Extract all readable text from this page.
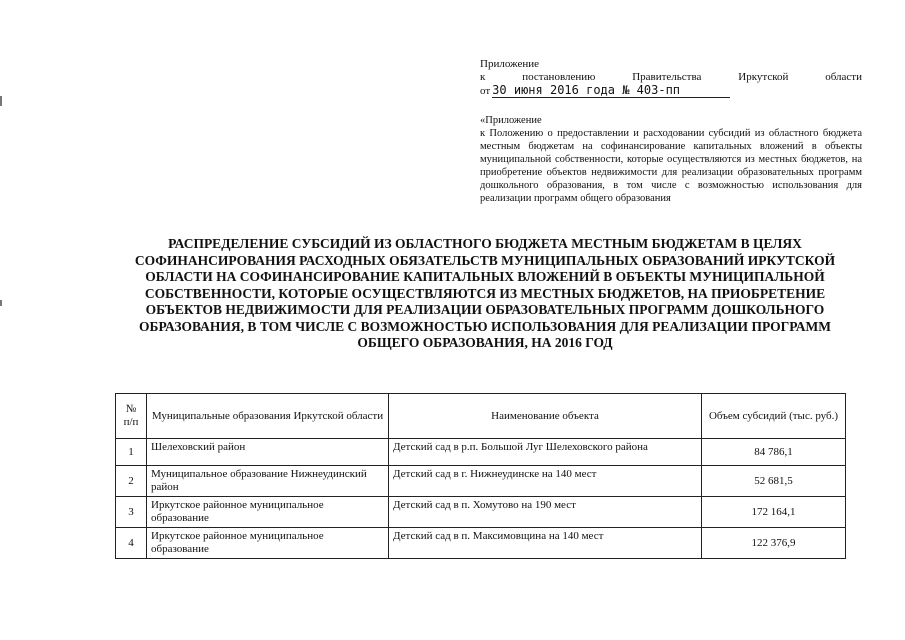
Приложение
к	постановлению	Правительства	Иркутской	области
от 30 июня 2016 года № 403-пп
«Приложение
к Положению о предоставлении и расходовании субсидий из областного бюджета местным бюджетам на софинансирование капитальных вложений в объекты муниципальной собственности, которые осуществляются из местных бюджетов, на приобретение объектов недвижимости для реализации образовательных программ дошкольного образования, в том числе с возможностью использования для реализации программ общего образования
РАСПРЕДЕЛЕНИЕ СУБСИДИЙ ИЗ ОБЛАСТНОГО БЮДЖЕТА МЕСТНЫМ БЮДЖЕТАМ В ЦЕЛЯХ СОФИНАНСИРОВАНИЯ РАСХОДНЫХ ОБЯЗАТЕЛЬСТВ МУНИЦИПАЛЬНЫХ ОБРАЗОВАНИЙ ИРКУТСКОЙ ОБЛАСТИ НА СОФИНАНСИРОВАНИЕ КАПИТАЛЬНЫХ ВЛОЖЕНИЙ В ОБЪЕКТЫ МУНИЦИПАЛЬНОЙ СОБСТВЕННОСТИ, КОТОРЫЕ ОСУЩЕСТВЛЯЮТСЯ ИЗ МЕСТНЫХ БЮДЖЕТОВ, НА ПРИОБРЕТЕНИЕ ОБЪЕКТОВ НЕДВИЖИМОСТИ ДЛЯ РЕАЛИЗАЦИИ ОБРАЗОВАТЕЛЬНЫХ ПРОГРАММ ДОШКОЛЬНОГО ОБРАЗОВАНИЯ, В ТОМ ЧИСЛЕ С ВОЗМОЖНОСТЬЮ ИСПОЛЬЗОВАНИЯ ДЛЯ РЕАЛИЗАЦИИ ПРОГРАММ ОБЩЕГО ОБРАЗОВАНИЯ, НА 2016 ГОД
№ п/п	Муниципальные образования Иркутской области	Наименование объекта	Объем субсидий (тыс. руб.)
1	Шелеховский район	Детский сад в р.п. Большой Луг Шелеховского района	84 786,1
2	Муниципальное образование Нижнеудинский район	Детский сад в г. Нижнеудинске на 140 мест	52 681,5
3	Иркутское районное муниципальное образование	Детский сад в п. Хомутово на 190 мест	172 164,1
4	Иркутское районное муниципальное образование	Детский сад в п. Максимовщина на 140 мест	122 376,9
